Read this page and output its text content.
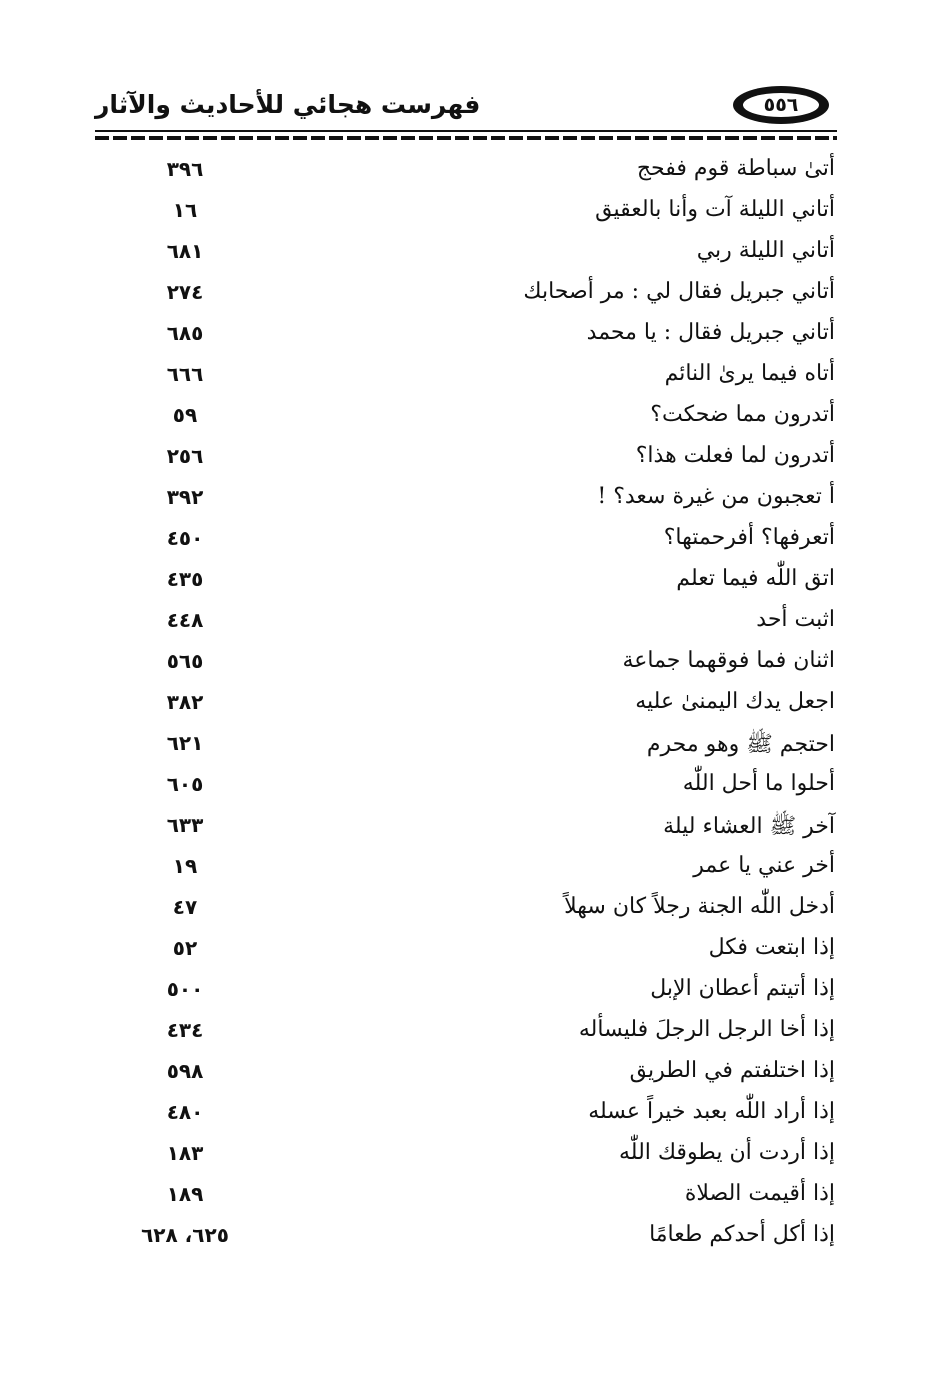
فهرست هجائي للأحاديث والآثار	٥٥٦
أتىٰ سباطة قوم ففحج
٣٩٦
أتاني الليلة آت وأنا بالعقيق
١٦
أتاني الليلة ربي
٦٨١
أتاني جبريل فقال لي : مر أصحابك
٢٧٤
أتاني جبريل فقال : يا محمد
٦٨٥
أتاه فيما يرىٰ النائم
٦٦٦
أتدرون مما ضحكت؟
٥٩
أتدرون لما فعلت هذا؟
٢٥٦
أ تعجبون من غيرة سعد؟ !
٣٩٢
أتعرفها؟ أفرحمتها؟
٤٥٠
اتق اللّٰه فيما تعلم
٤٣٥
اثبت أحد
٤٤٨
اثنان فما فوقهما جماعة
٥٦٥
اجعل يدك اليمنىٰ عليه
٣٨٢
احتجم ﷺ وهو محرم
٦٢١
أحلوا ما أحل اللّٰه
٦٠٥
آخر ﷺ العشاء ليلة
٦٣٣
أخر عني يا عمر
١٩
أدخل اللّٰه الجنة رجلاً كان سهلاً
٤٧
إذا ابتعت فكل
٥٢
إذا أتيتم أعطان الإبل
٥٠٠
إذا أخا الرجل الرجلَ فليسأله
٤٣٤
إذا اختلفتم في الطريق
٥٩٨
إذا أراد اللّٰه بعبد خيراً عسله
٤٨٠
إذا أردت أن يطوقك اللّٰه
١٨٣
إذا أقيمت الصلاة
١٨٩
إذا أكل أحدكم طعامًا
٦٢٥، ٦٢٨
